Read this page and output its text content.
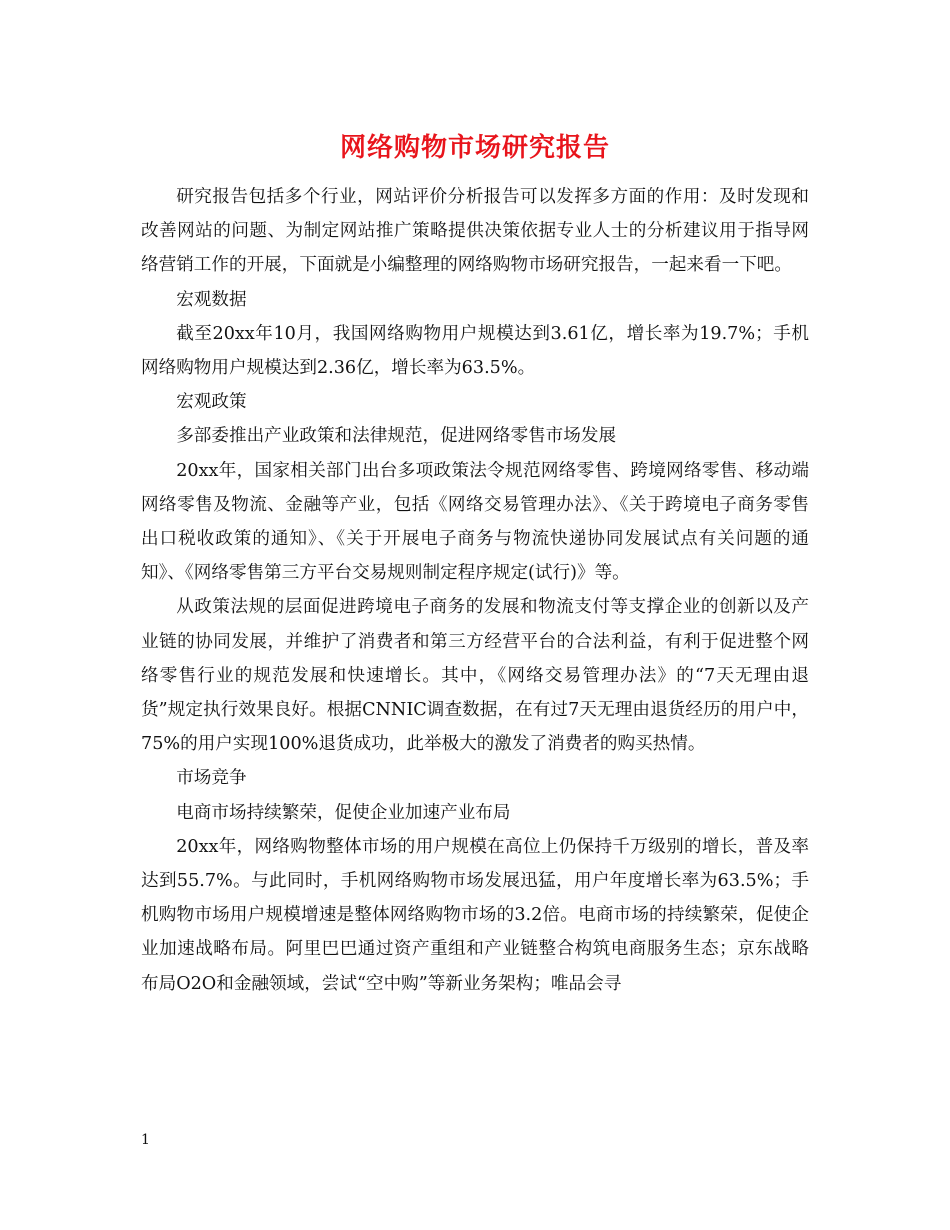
网络购物市场研究报告

研究报告包括多个行业，网站评价分析报告可以发挥多方面的作用：及时发现和改善网站的问题、为制定网站推广策略提供决策依据专业人士的分析建议用于指导网络营销工作的开展，下面就是小编整理的网络购物市场研究报告，一起来看一下吧。

宏观数据

截至20xx年10月，我国网络购物用户规模达到3.61亿，增长率为19.7%；手机网络购物用户规模达到2.36亿，增长率为63.5%。

宏观政策

多部委推出产业政策和法律规范，促进网络零售市场发展

20xx年，国家相关部门出台多项政策法令规范网络零售、跨境网络零售、移动端网络零售及物流、金融等产业，包括《网络交易管理办法》、《关于跨境电子商务零售出口税收政策的通知》、《关于开展电子商务与物流快递协同发展试点有关问题的通知》、《网络零售第三方平台交易规则制定程序规定(试行)》等。

从政策法规的层面促进跨境电子商务的发展和物流支付等支撑企业的创新以及产业链的协同发展，并维护了消费者和第三方经营平台的合法利益，有利于促进整个网络零售行业的规范发展和快速增长。其中，《网络交易管理办法》的“7天无理由退货”规定执行效果良好。根据CNNIC调查数据，在有过7天无理由退货经历的用户中，75%的用户实现100%退货成功，此举极大的激发了消费者的购买热情。

市场竞争

电商市场持续繁荣，促使企业加速产业布局

20xx年，网络购物整体市场的用户规模在高位上仍保持千万级别的增长，普及率达到55.7%。与此同时，手机网络购物市场发展迅猛，用户年度增长率为63.5%；手机购物市场用户规模增速是整体网络购物市场的3.2倍。电商市场的持续繁荣，促使企业加速战略布局。阿里巴巴通过资产重组和产业链整合构筑电商服务生态；京东战略布局O2O和金融领域，尝试“空中购”等新业务架构；唯品会寻

1
